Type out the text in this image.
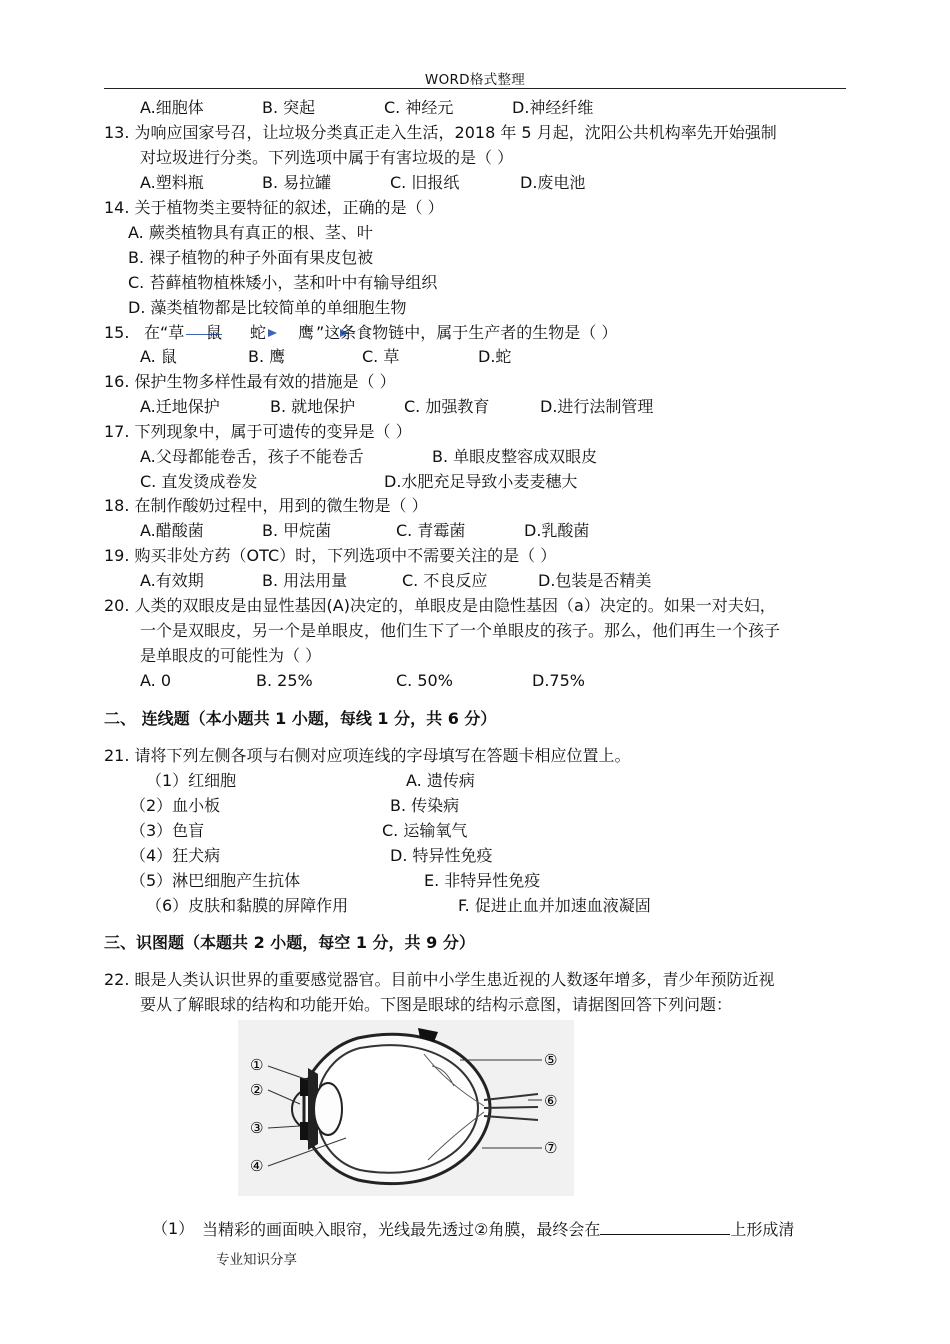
WORD格式整理
A.细胞体	B. 突起	C. 神经元	D.神经纤维
13. 为响应国家号召，让垃圾分类真正走入生活，2018 年 5 月起，沈阳公共机构率先开始强制
对垃圾进行分类。下列选项中属于有害垃圾的是（ ）
A.塑料瓶	B. 易拉罐	C. 旧报纸	D.废电池
14. 关于植物类主要特征的叙述，正确的是（ ）
A. 蕨类植物具有真正的根、茎、叶
B. 裸子植物的种子外面有果皮包被
C. 苔藓植物植株矮小，茎和叶中有输导组织
D. 藻类植物都是比较简单的单细胞生物
15. 在“草 鼠 蛇 鹰 ”这条食物链中，属于生产者的生物是（ ）
A. 鼠	B. 鹰	C. 草	D.蛇
16. 保护生物多样性最有效的措施是（ ）
A.迁地保护	B. 就地保护	C. 加强教育	D.进行法制管理
17. 下列现象中，属于可遗传的变异是（ ）
A.父母都能卷舌，孩子不能卷舌	B. 单眼皮整容成双眼皮
C. 直发烫成卷发	D.水肥充足导致小麦麦穗大
18. 在制作酸奶过程中，用到的微生物是（ ）
A.醋酸菌	B. 甲烷菌	C. 青霉菌	D.乳酸菌
19. 购买非处方药（OTC）时，下列选项中不需要关注的是（ ）
A.有效期	B. 用法用量	C. 不良反应	D.包装是否精美
20. 人类的双眼皮是由显性基因(A)决定的，单眼皮是由隐性基因（a）决定的。如果一对夫妇，
一个是双眼皮，另一个是单眼皮，他们生下了一个单眼皮的孩子。那么，他们再生一个孩子
是单眼皮的可能性为（ ）
A. 0	B. 25%	C. 50%	D.75%
二、 连线题（本小题共 1 小题，每线 1 分，共 6 分）
21. 请将下列左侧各项与右侧对应项连线的字母填写在答题卡相应位置上。
（1）红细胞	A. 遗传病
（2）血小板	B. 传染病
（3）色盲	C. 运输氧气
（4）狂犬病	D. 特异性免疫
（5）淋巴细胞产生抗体	E. 非特异性免疫
（6）皮肤和黏膜的屏障作用	F. 促进止血并加速血液凝固
三、识图题（本题共 2 小题，每空 1 分，共 9 分）
22. 眼是人类认识世界的重要感觉器官。目前中小学生患近视的人数逐年增多，青少年预防近视
要从了解眼球的结构和功能开始。下图是眼球的结构示意图，请据图回答下列问题：
①
②
③
④
⑤
⑥
⑦
（1） 当精彩的画面映入眼帘，光线最先透过②角膜，最终会在	上形成清
专业知识分享
